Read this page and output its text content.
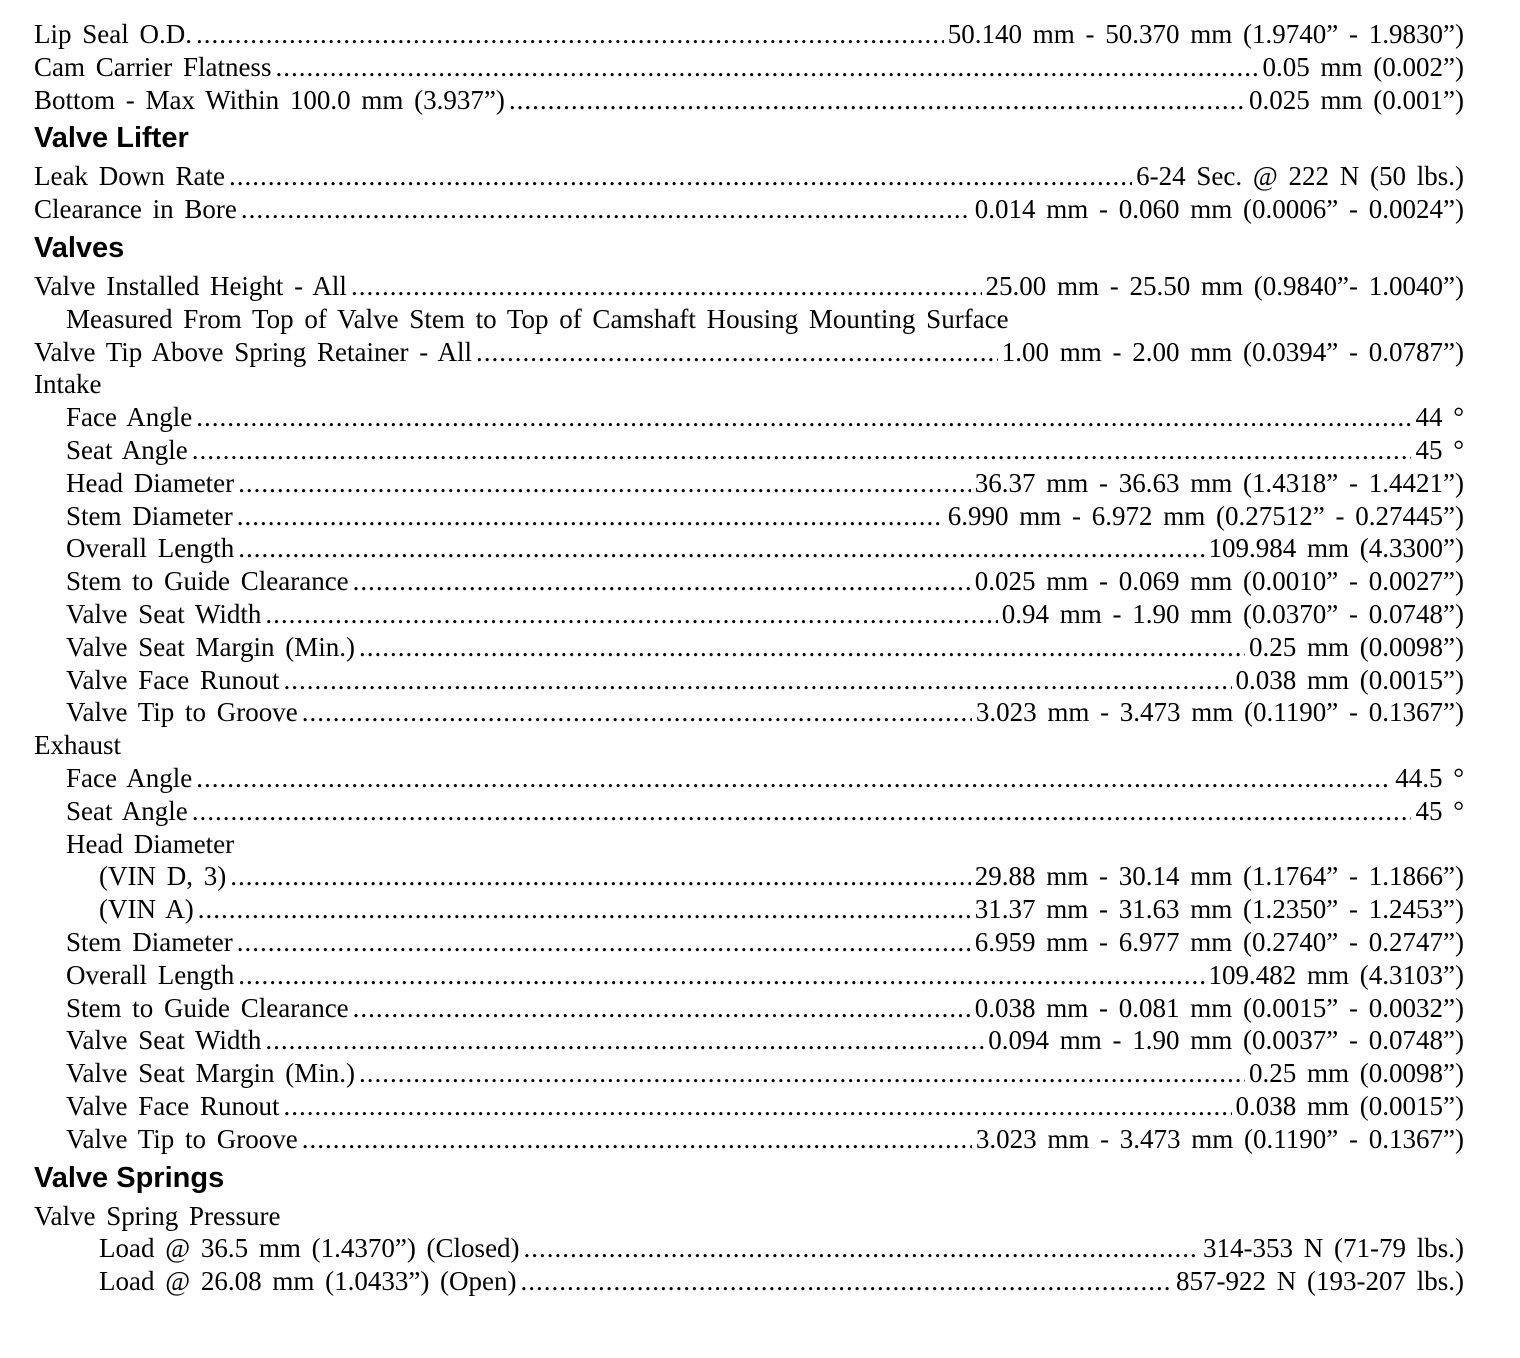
Lip Seal O.D. .....	50.140 mm - 50.370 mm (1.9740” - 1.9830”)
Cam Carrier Flatness .....	0.05 mm (0.002”)
Bottom - Max Within 100.0 mm (3.937”) .....	0.025 mm (0.001”)
Valve Lifter
Leak Down Rate .....	6-24 Sec. @ 222 N (50 lbs.)
Clearance in Bore .....	0.014 mm - 0.060 mm (0.0006” - 0.0024”)
Valves
Valve Installed Height - All .....	25.00 mm - 25.50 mm (0.9840”- 1.0040”)
Measured From Top of Valve Stem to Top of Camshaft Housing Mounting Surface
Valve Tip Above Spring Retainer - All .....	1.00 mm - 2.00 mm (0.0394” - 0.0787”)
Intake
Face Angle .....	44 °
Seat Angle .....	45 °
Head Diameter .....	36.37 mm - 36.63 mm (1.4318” - 1.4421”)
Stem Diameter .....	6.990 mm - 6.972 mm (0.27512” - 0.27445”)
Overall Length .....	109.984 mm (4.3300”)
Stem to Guide Clearance .....	0.025 mm - 0.069 mm (0.0010” - 0.0027”)
Valve Seat Width .....	0.94 mm - 1.90 mm (0.0370” - 0.0748”)
Valve Seat Margin (Min.) .....	0.25 mm (0.0098”)
Valve Face Runout .....	0.038 mm (0.0015”)
Valve Tip to Groove .....	3.023 mm - 3.473 mm (0.1190” - 0.1367”)
Exhaust
Face Angle .....	44.5 °
Seat Angle .....	45 °
Head Diameter
(VIN D, 3) .....	29.88 mm - 30.14 mm (1.1764” - 1.1866”)
(VIN A) .....	31.37 mm - 31.63 mm (1.2350” - 1.2453”)
Stem Diameter .....	6.959 mm - 6.977 mm (0.2740” - 0.2747”)
Overall Length .....	109.482 mm (4.3103”)
Stem to Guide Clearance .....	0.038 mm - 0.081 mm (0.0015” - 0.0032”)
Valve Seat Width .....	0.094 mm - 1.90 mm (0.0037” - 0.0748”)
Valve Seat Margin (Min.) .....	0.25 mm (0.0098”)
Valve Face Runout .....	0.038 mm (0.0015”)
Valve Tip to Groove .....	3.023 mm - 3.473 mm (0.1190” - 0.1367”)
Valve Springs
Valve Spring Pressure
Load @ 36.5 mm (1.4370”) (Closed) .....	314-353 N (71-79 lbs.)
Load @ 26.08 mm (1.0433”) (Open) .....	857-922 N (193-207 lbs.)
